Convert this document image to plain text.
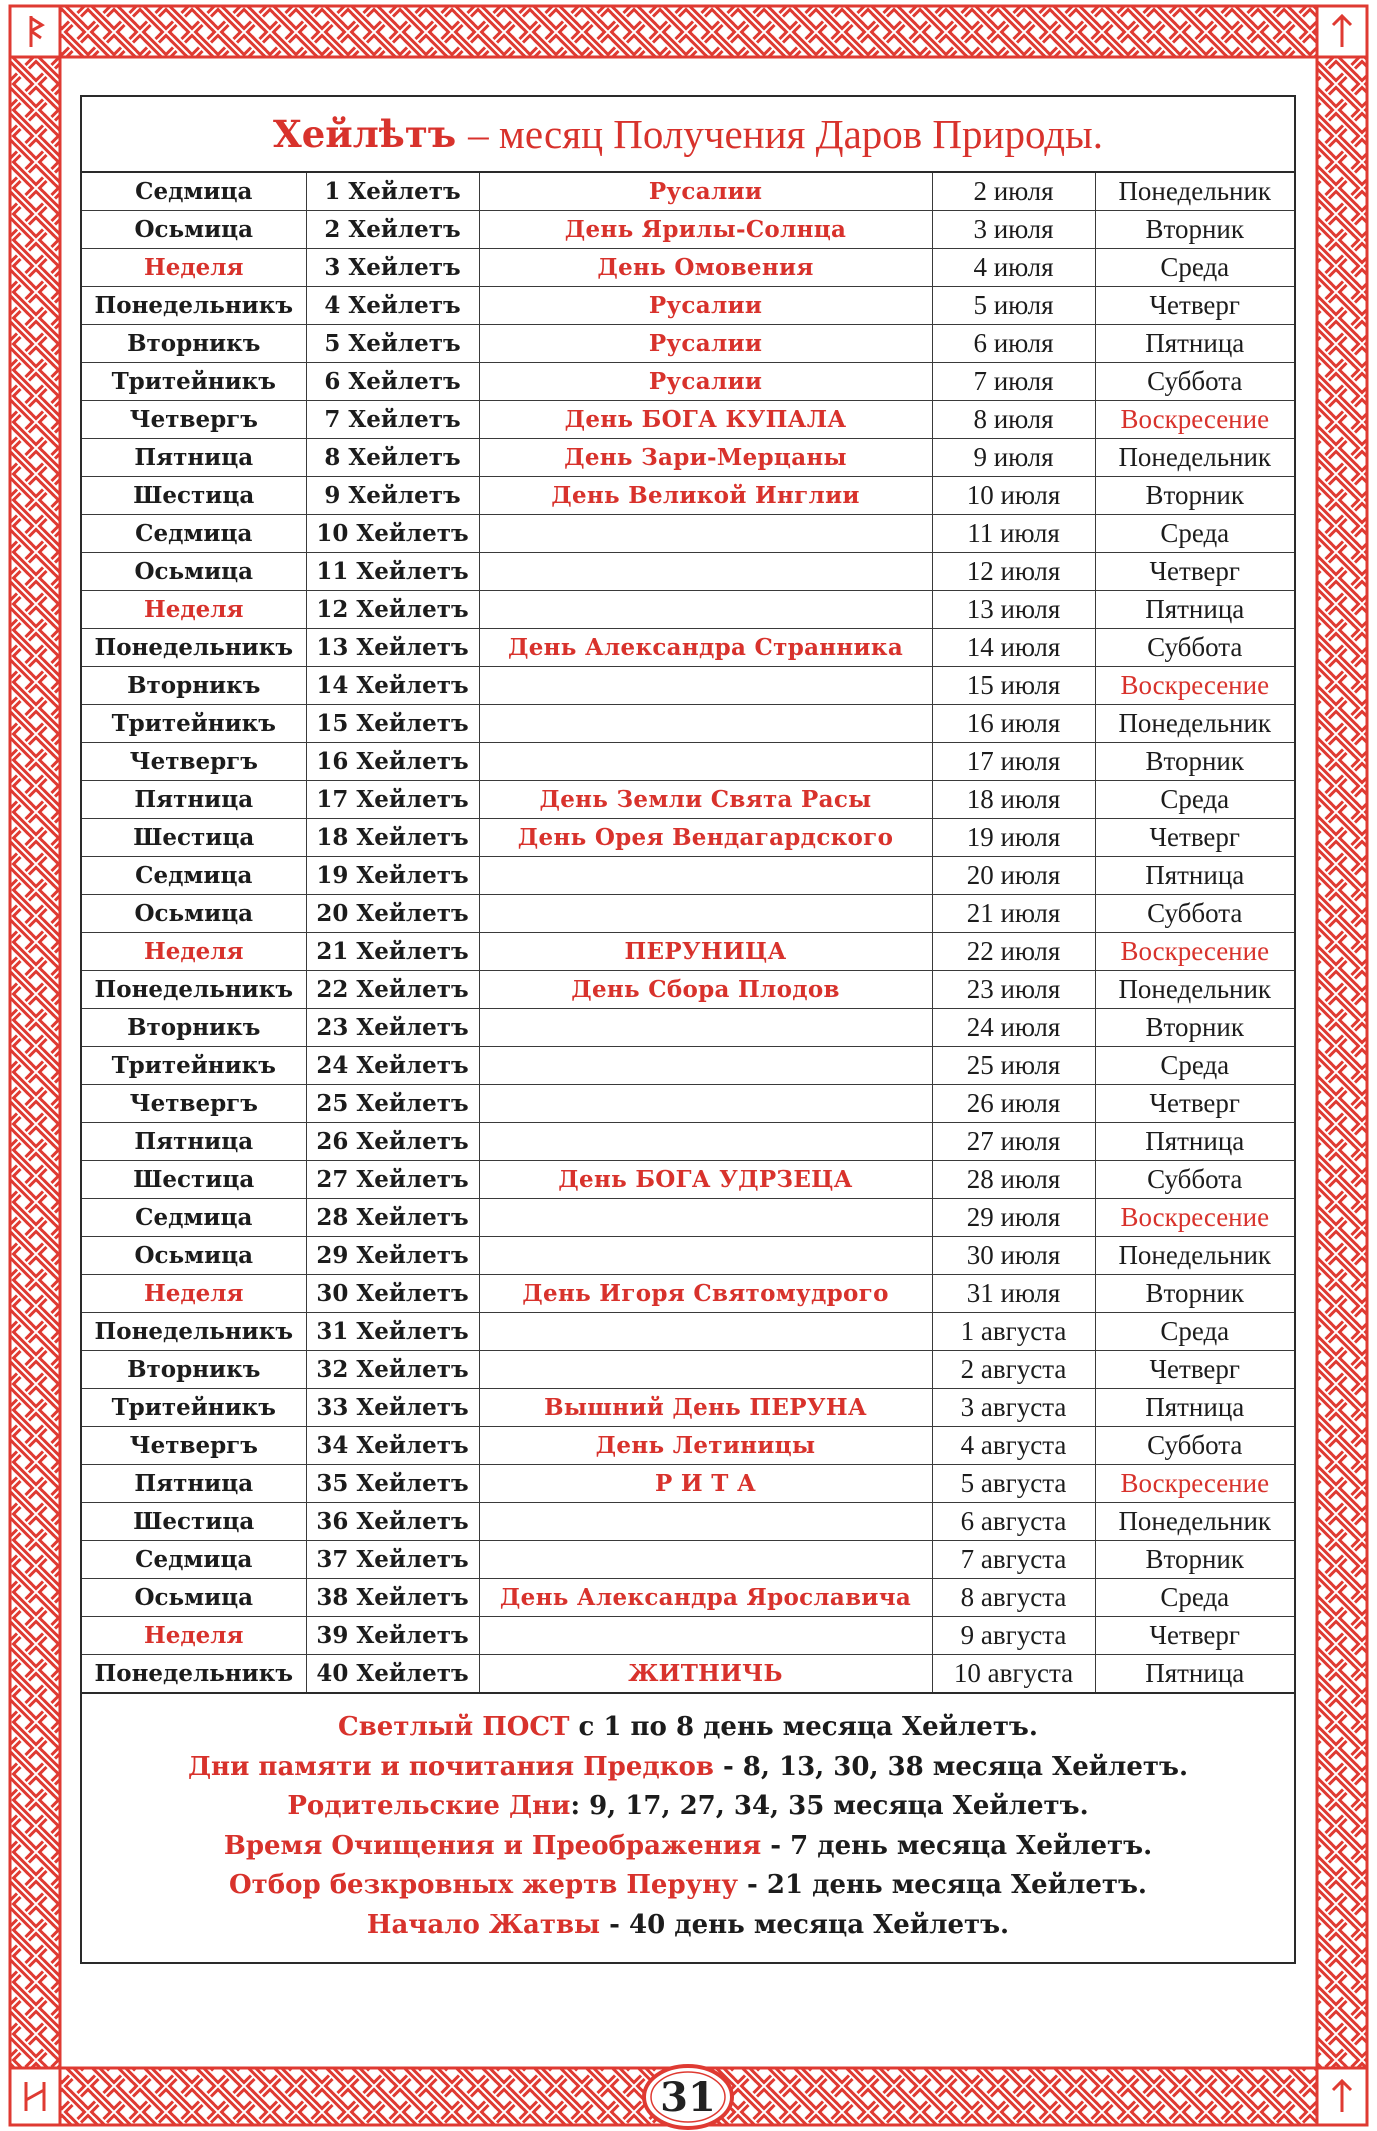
Хейлѣтъ – месяц Получения Даров Природы.
Седмица	1 Хейлетъ	Русалии	2 июля	Понедельник
Осьмица	2 Хейлетъ	День Ярилы-Солнца	3 июля	Вторник
Неделя	3 Хейлетъ	День Омовения	4 июля	Среда
Понедельникъ	4 Хейлетъ	Русалии	5 июля	Четверг
Вторникъ	5 Хейлетъ	Русалии	6 июля	Пятница
Тритейникъ	6 Хейлетъ	Русалии	7 июля	Суббота
Четвергъ	7 Хейлетъ	День БОГА КУПАЛА	8 июля	Воскресение
Пятница	8 Хейлетъ	День Зари-Мерцаны	9 июля	Понедельник
Шестица	9 Хейлетъ	День Великой Инглии	10 июля	Вторник
Седмица	10 Хейлетъ		11 июля	Среда
Осьмица	11 Хейлетъ		12 июля	Четверг
Неделя	12 Хейлетъ		13 июля	Пятница
Понедельникъ	13 Хейлетъ	День Александра Странника	14 июля	Суббота
Вторникъ	14 Хейлетъ		15 июля	Воскресение
Тритейникъ	15 Хейлетъ		16 июля	Понедельник
Четвергъ	16 Хейлетъ		17 июля	Вторник
Пятница	17 Хейлетъ	День Земли Свята Расы	18 июля	Среда
Шестица	18 Хейлетъ	День Орея Вендагардского	19 июля	Четверг
Седмица	19 Хейлетъ		20 июля	Пятница
Осьмица	20 Хейлетъ		21 июля	Суббота
Неделя	21 Хейлетъ	ПЕРУНИЦА	22 июля	Воскресение
Понедельникъ	22 Хейлетъ	День Сбора Плодов	23 июля	Понедельник
Вторникъ	23 Хейлетъ		24 июля	Вторник
Тритейникъ	24 Хейлетъ		25 июля	Среда
Четвергъ	25 Хейлетъ		26 июля	Четверг
Пятница	26 Хейлетъ		27 июля	Пятница
Шестица	27 Хейлетъ	День БОГА УДРЗЕЦА	28 июля	Суббота
Седмица	28 Хейлетъ		29 июля	Воскресение
Осьмица	29 Хейлетъ		30 июля	Понедельник
Неделя	30 Хейлетъ	День Игоря Святомудрого	31 июля	Вторник
Понедельникъ	31 Хейлетъ		1 августа	Среда
Вторникъ	32 Хейлетъ		2 августа	Четверг
Тритейникъ	33 Хейлетъ	Вышний День ПЕРУНА	3 августа	Пятница
Четвергъ	34 Хейлетъ	День Летиницы	4 августа	Суббота
Пятница	35 Хейлетъ	Р И Т А	5 августа	Воскресение
Шестица	36 Хейлетъ		6 августа	Понедельник
Седмица	37 Хейлетъ		7 августа	Вторник
Осьмица	38 Хейлетъ	День Александра Ярославича	8 августа	Среда
Неделя	39 Хейлетъ		9 августа	Четверг
Понедельникъ	40 Хейлетъ	ЖИТНИЧЬ	10 августа	Пятница
Светлый ПОСТ с 1 по 8 день месяца Хейлетъ.
Дни памяти и почитания Предков - 8, 13, 30, 38 месяца Хейлетъ.
Родительские Дни: 9, 17, 27, 34, 35 месяца Хейлетъ.
Время Очищения и Преображения - 7 день месяца Хейлетъ.
Отбор безкровных жертв Перуну - 21 день месяца Хейлетъ.
Начало Жатвы - 40 день месяца Хейлетъ.
31
